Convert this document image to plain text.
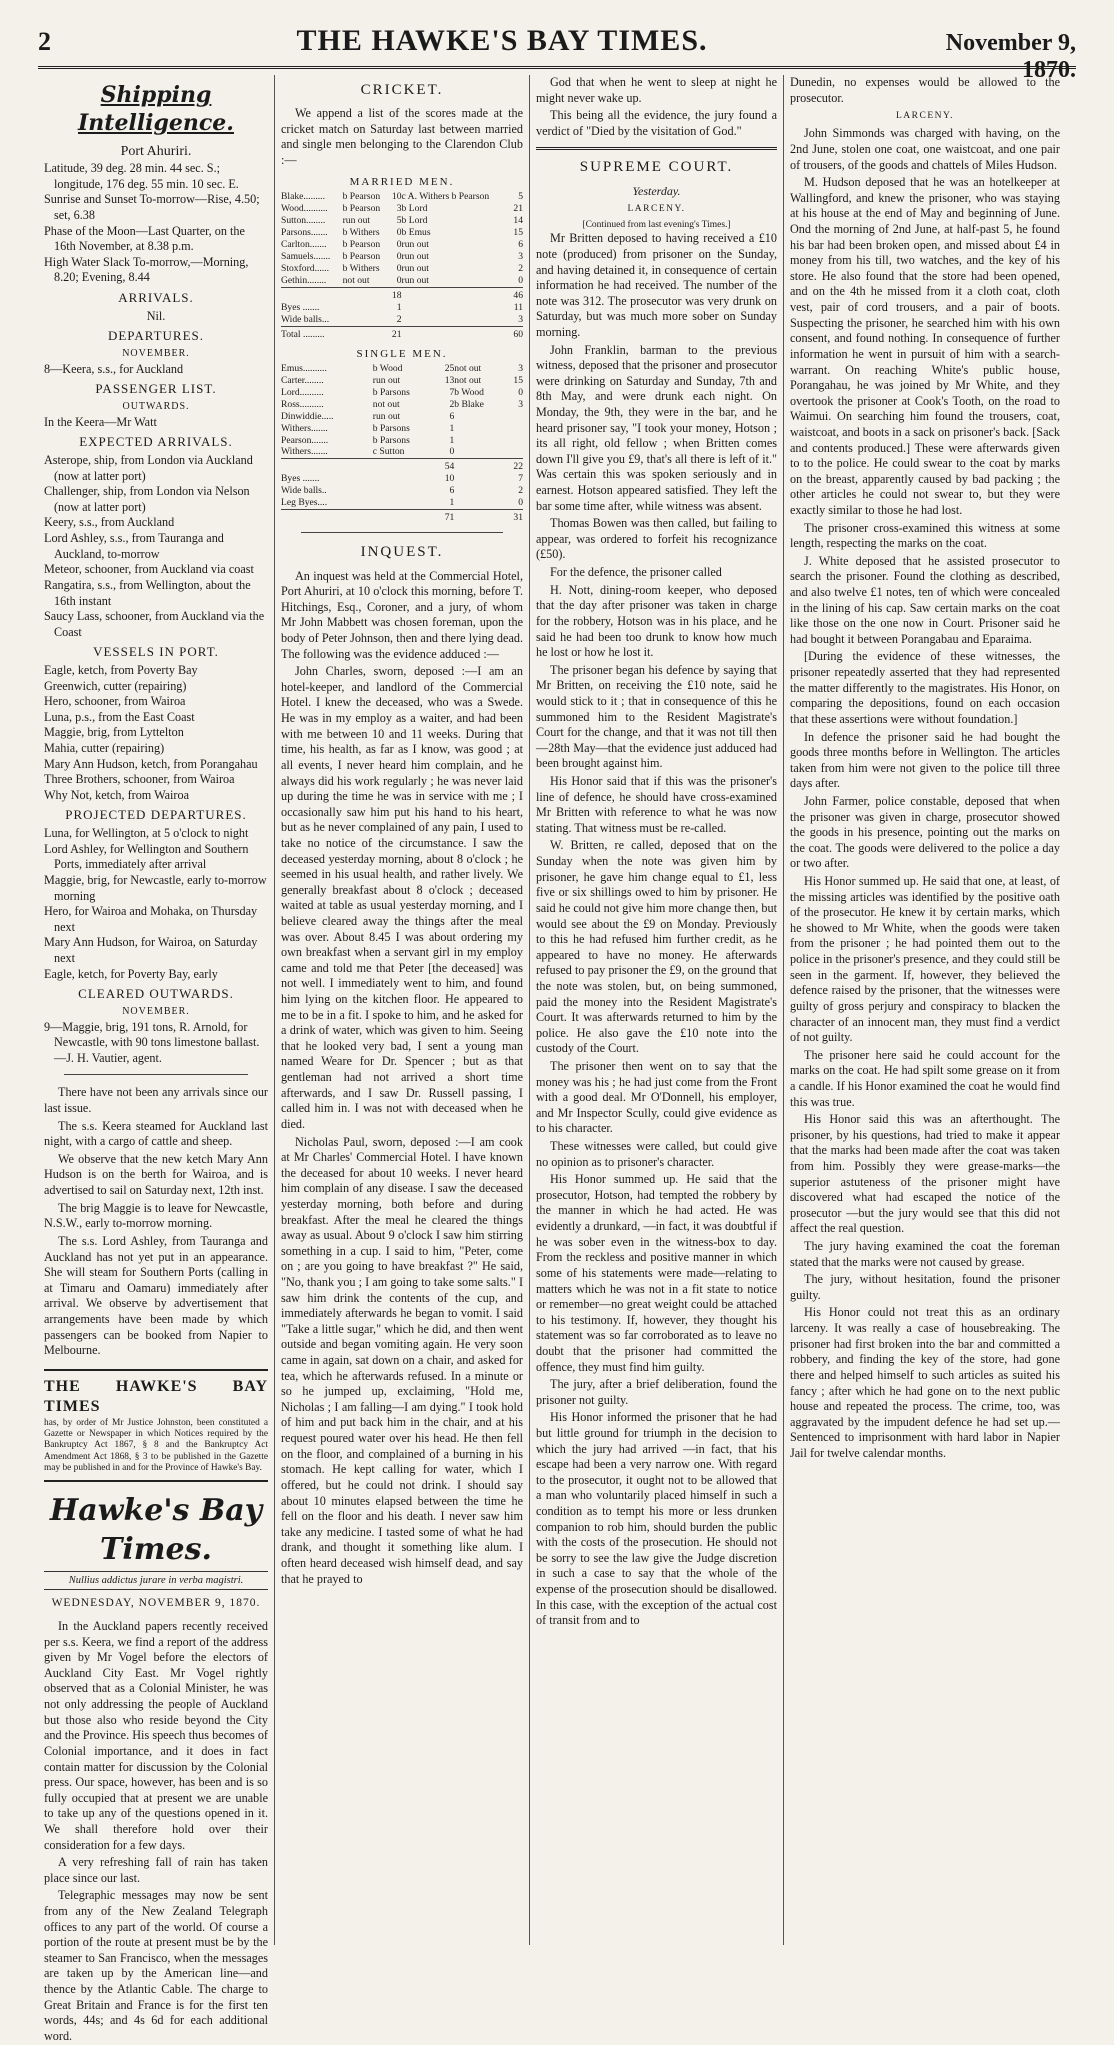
2	THE HAWKE'S BAY TIMES.	November 9, 1870.
Shipping Intelligence.
Port Ahuriri.

Latitude, 39 deg. 28 min. 44 sec. S.; longitude, 176 deg. 55 min. 10 sec. E.

Sunrise and Sunset To-morrow—Rise, 4.50; set, 6.38

Phase of the Moon—Last Quarter, on the 16th November, at 8.38 p.m.

High Water Slack To-morrow,—Morning, 8.20; Evening, 8.44

ARRIVALS.
Nil.
DEPARTURES.
NOVEMBER.

8—Keera, s.s., for Auckland

PASSENGER LIST.
OUTWARDS.

In the Keera—Mr Watt

EXPECTED ARRIVALS.

Asterope, ship, from London via Auckland (now at latter port)

Challenger, ship, from London via Nelson (now at latter port)

Keery, s.s., from Auckland

Lord Ashley, s.s., from Tauranga and Auckland, to-morrow

Meteor, schooner, from Auckland via coast

Rangatira, s.s., from Wellington, about the 16th instant

Saucy Lass, schooner, from Auckland via the Coast

VESSELS IN PORT.

Eagle, ketch, from Poverty Bay

Greenwich, cutter (repairing)

Hero, schooner, from Wairoa

Luna, p.s., from the East Coast

Maggie, brig, from Lyttelton

Mahia, cutter (repairing)

Mary Ann Hudson, ketch, from Porangahau

Three Brothers, schooner, from Wairoa

Why Not, ketch, from Wairoa

PROJECTED DEPARTURES.

Luna, for Wellington, at 5 o'clock to night

Lord Ashley, for Wellington and Southern Ports, immediately after arrival

Maggie, brig, for Newcastle, early to-morrow morning

Hero, for Wairoa and Mohaka, on Thursday next

Mary Ann Hudson, for Wairoa, on Saturday next

Eagle, ketch, for Poverty Bay, early

CLEARED OUTWARDS.
NOVEMBER.

9—Maggie, brig, 191 tons, R. Arnold, for Newcastle, with 90 tons limestone ballast.—J. H. Vautier, agent.

There have not been any arrivals since our last issue.

The s.s. Keera steamed for Auckland last night, with a cargo of cattle and sheep.

We observe that the new ketch Mary Ann Hudson is on the berth for Wairoa, and is advertised to sail on Saturday next, 12th inst.

The brig Maggie is to leave for Newcastle, N.S.W., early to-morrow morning.

The s.s. Lord Ashley, from Tauranga and Auckland has not yet put in an appearance. She will steam for Southern Ports (calling in at Timaru and Oamaru) immediately after arrival. We observe by advertisement that arrangements have been made by which passengers can be booked from Napier to Melbourne.

THE HAWKE'S BAY TIMES
has, by order of Mr Justice Johnston, been constituted a Gazette or Newspaper in which Notices required by the Bankruptcy Act 1867, § 8 and the Bankruptcy Act Amendment Act 1868, § 3 to be published in the Gazette may be published in and for the Province of Hawke's Bay.
Hawke's Bay Times.
Nullius addictus jurare in verba magistri.
WEDNESDAY, NOVEMBER 9, 1870.

In the Auckland papers recently received per s.s. Keera, we find a report of the address given by Mr Vogel before the electors of Auckland City East. Mr Vogel rightly observed that as a Colonial Minister, he was not only addressing the people of Auckland but those also who reside beyond the City and the Province. His speech thus becomes of Colonial importance, and it does in fact contain matter for discussion by the Colonial press. Our space, however, has been and is so fully occupied that at present we are unable to take up any of the questions opened in it. We shall therefore hold over their consideration for a few days.

A very refreshing fall of rain has taken place since our last.

Telegraphic messages may now be sent from any of the New Zealand Telegraph offices to any part of the world. Of course a portion of the route at present must be by the steamer to San Francisco, when the messages are taken up by the American line—and thence by the Atlantic Cable. The charge to Great Britain and France is for the first ten words, 44s; and 4s 6d for each additional word.

CRICKET.

We append a list of the scores made at the cricket match on Saturday last between married and single men belonging to the Clarendon Club :—

MARRIED MEN.
Blake.........	b Pearson	10	c A. Withers b Pearson	5
Wood..........	b Pearson	3	b Lord	21
Sutton........	run out	5	b Lord	14
Parsons.......	b Withers	0	b Emus	15
Carlton.......	b Pearson	0	run out	6
Samuels.......	b Pearson	0	run out	3
Stoxford......	b Withers	0	run out	2
Gethin........	not out	0	run out	0
		18		46
Byes .......		1		11
Wide balls...		2		3
Total .........		21		60
SINGLE MEN.
Emus..........	b Wood	25	not out	3
Carter........	run out	13	not out	15
Lord..........	b Parsons	7	b Wood	0
Ross..........	not out	2	b Blake	3
Dinwiddie.....	run out	6		
Withers.......	b Parsons	1		
Pearson.......	b Parsons	1		
Withers.......	c Sutton	0		
		54		22
Byes .......		10		7
Wide balls..		6		2
Leg Byes....		1		0
		71		31
INQUEST.

An inquest was held at the Commercial Hotel, Port Ahuriri, at 10 o'clock this morning, before T. Hitchings, Esq., Coroner, and a jury, of whom Mr John Mabbett was chosen foreman, upon the body of Peter Johnson, then and there lying dead. The following was the evidence adduced :—

John Charles, sworn, deposed :—I am an hotel-keeper, and landlord of the Commercial Hotel. I knew the deceased, who was a Swede. He was in my employ as a waiter, and had been with me between 10 and 11 weeks. During that time, his health, as far as I know, was good ; at all events, I never heard him complain, and he always did his work regularly ; he was never laid up during the time he was in service with me ; I occasionally saw him put his hand to his heart, but as he never complained of any pain, I used to take no notice of the circumstance. I saw the deceased yesterday morning, about 8 o'clock ; he seemed in his usual health, and rather lively. We generally breakfast about 8 o'clock ; deceased waited at table as usual yesterday morning, and I believe cleared away the things after the meal was over. About 8.45 I was about ordering my own breakfast when a servant girl in my employ came and told me that Peter [the deceased] was not well. I immediately went to him, and found him lying on the kitchen floor. He appeared to me to be in a fit. I spoke to him, and he asked for a drink of water, which was given to him. Seeing that he looked very bad, I sent a young man named Weare for Dr. Spencer ; but as that gentleman had not arrived a short time afterwards, and I saw Dr. Russell passing, I called him in. I was not with deceased when he died.

Nicholas Paul, sworn, deposed :—I am cook at Mr Charles' Commercial Hotel. I have known the deceased for about 10 weeks. I never heard him complain of any disease. I saw the deceased yesterday morning, both before and during breakfast. After the meal he cleared the things away as usual. About 9 o'clock I saw him stirring something in a cup. I said to him, "Peter, come on ; are you going to have breakfast ?" He said, "No, thank you ; I am going to take some salts." I saw him drink the contents of the cup, and immediately afterwards he began to vomit. I said "Take a little sugar," which he did, and then went outside and began vomiting again. He very soon came in again, sat down on a chair, and asked for tea, which he afterwards refused. In a minute or so he jumped up, exclaiming, "Hold me, Nicholas ; I am falling—I am dying." I took hold of him and put back him in the chair, and at his request poured water over his head. He then fell on the floor, and complained of a burning in his stomach. He kept calling for water, which I offered, but he could not drink. I should say about 10 minutes elapsed between the time he fell on the floor and his death. I never saw him take any medicine. I tasted some of what he had drank, and thought it something like alum. I often heard deceased wish himself dead, and say that he prayed to

God that when he went to sleep at night he might never wake up.

This being all the evidence, the jury found a verdict of "Died by the visitation of God."

SUPREME COURT.
Yesterday.
LARCENY.
[Continued from last evening's Times.]

Mr Britten deposed to having received a £10 note (produced) from prisoner on the Sunday, and having detained it, in consequence of certain information he had received. The number of the note was 312. The prosecutor was very drunk on Saturday, but was much more sober on Sunday morning.

John Franklin, barman to the previous witness, deposed that the prisoner and prosecutor were drinking on Saturday and Sunday, 7th and 8th May, and were drunk each night. On Monday, the 9th, they were in the bar, and he heard prisoner say, "I took your money, Hotson ; its all right, old fellow ; when Britten comes down I'll give you £9, that's all there is left of it." Was certain this was spoken seriously and in earnest. Hotson appeared satisfied. They left the bar some time after, while witness was absent.

Thomas Bowen was then called, but failing to appear, was ordered to forfeit his recognizance (£50).

For the defence, the prisoner called

H. Nott, dining-room keeper, who deposed that the day after prisoner was taken in charge for the robbery, Hotson was in his place, and he said he had been too drunk to know how much he lost or how he lost it.

The prisoner began his defence by saying that Mr Britten, on receiving the £10 note, said he would stick to it ; that in consequence of this he summoned him to the Resident Magistrate's Court for the change, and that it was not till then—28th May—that the evidence just adduced had been brought against him.

His Honor said that if this was the prisoner's line of defence, he should have cross-examined Mr Britten with reference to what he was now stating. That witness must be re-called.

W. Britten, re called, deposed that on the Sunday when the note was given him by prisoner, he gave him change equal to £1, less five or six shillings owed to him by prisoner. He said he could not give him more change then, but would see about the £9 on Monday. Previously to this he had refused him further credit, as he appeared to have no money. He afterwards refused to pay prisoner the £9, on the ground that the note was stolen, but, on being summoned, paid the money into the Resident Magistrate's Court. It was afterwards returned to him by the police. He also gave the £10 note into the custody of the Court.

The prisoner then went on to say that the money was his ; he had just come from the Front with a good deal. Mr O'Donnell, his employer, and Mr Inspector Scully, could give evidence as to his character.

These witnesses were called, but could give no opinion as to prisoner's character.

His Honor summed up. He said that the prosecutor, Hotson, had tempted the robbery by the manner in which he had acted. He was evidently a drunkard, —in fact, it was doubtful if he was sober even in the witness-box to day. From the reckless and positive manner in which some of his statements were made—relating to matters which he was not in a fit state to notice or remember—no great weight could be attached to his testimony. If, however, they thought his statement was so far corroborated as to leave no doubt that the prisoner had committed the offence, they must find him guilty.

The jury, after a brief deliberation, found the prisoner not guilty.

His Honor informed the prisoner that he had but little ground for triumph in the decision to which the jury had arrived —in fact, that his escape had been a very narrow one. With regard to the prosecutor, it ought not to be allowed that a man who voluntarily placed himself in such a condition as to tempt his more or less drunken companion to rob him, should burden the public with the costs of the prosecution. He should not be sorry to see the law give the Judge discretion in such a case to say that the whole of the expense of the prosecution should be disallowed. In this case, with the exception of the actual cost of transit from and to

Dunedin, no expenses would be allowed to the prosecutor.

LARCENY.

John Simmonds was charged with having, on the 2nd June, stolen one coat, one waistcoat, and one pair of trousers, of the goods and chattels of Miles Hudson.

M. Hudson deposed that he was an hotelkeeper at Wallingford, and knew the prisoner, who was staying at his house at the end of May and beginning of June. Ond the morning of 2nd June, at half-past 5, he found his bar had been broken open, and missed about £4 in money from his till, two watches, and the key of his store. He also found that the store had been opened, and on the 4th he missed from it a cloth coat, cloth vest, pair of cord trousers, and a pair of boots. Suspecting the prisoner, he searched him with his own consent, and found nothing. In consequence of further information he went in pursuit of him with a search-warrant. On reaching White's public house, Porangahau, he was joined by Mr White, and they overtook the prisoner at Cook's Tooth, on the road to Waimui. On searching him found the trousers, coat, waistcoat, and boots in a sack on prisoner's back. [Sack and contents produced.] These were afterwards given to to the police. He could swear to the coat by marks on the breast, apparently caused by bad packing ; the other articles he could not swear to, but they were exactly similar to those he had lost.

The prisoner cross-examined this witness at some length, respecting the marks on the coat.

J. White deposed that he assisted prosecutor to search the prisoner. Found the clothing as described, and also twelve £1 notes, ten of which were concealed in the lining of his cap. Saw certain marks on the coat like those on the one now in Court. Prisoner said he had bought it between Porangabau and Eparaima.

[During the evidence of these witnesses, the prisoner repeatedly asserted that they had represented the matter differently to the magistrates. His Honor, on comparing the depositions, found on each occasion that these assertions were without foundation.]

In defence the prisoner said he had bought the goods three months before in Wellington. The articles taken from him were not given to the police till three days after.

John Farmer, police constable, deposed that when the prisoner was given in charge, prosecutor showed the goods in his presence, pointing out the marks on the coat. The goods were delivered to the police a day or two after.

His Honor summed up. He said that one, at least, of the missing articles was identified by the positive oath of the prosecutor. He knew it by certain marks, which he showed to Mr White, when the goods were taken from the prisoner ; he had pointed them out to the police in the prisoner's presence, and they could still be seen in the garment. If, however, they believed the defence raised by the prisoner, that the witnesses were guilty of gross perjury and conspiracy to blacken the character of an innocent man, they must find a verdict of not guilty.

The prisoner here said he could account for the marks on the coat. He had spilt some grease on it from a candle. If his Honor examined the coat he would find this was true.

His Honor said this was an afterthought. The prisoner, by his questions, had tried to make it appear that the marks had been made after the coat was taken from him. Possibly they were grease-marks—the superior astuteness of the prisoner might have discovered what had escaped the notice of the prosecutor —but the jury would see that this did not affect the real question.

The jury having examined the coat the foreman stated that the marks were not caused by grease.

The jury, without hesitation, found the prisoner guilty.

His Honor could not treat this as an ordinary larceny. It was really a case of housebreaking. The prisoner had first broken into the bar and committed a robbery, and finding the key of the store, had gone there and helped himself to such articles as suited his fancy ; after which he had gone on to the next public house and repeated the process. The crime, too, was aggravated by the impudent defence he had set up.—Sentenced to imprisonment with hard labor in Napier Jail for twelve calendar months.
